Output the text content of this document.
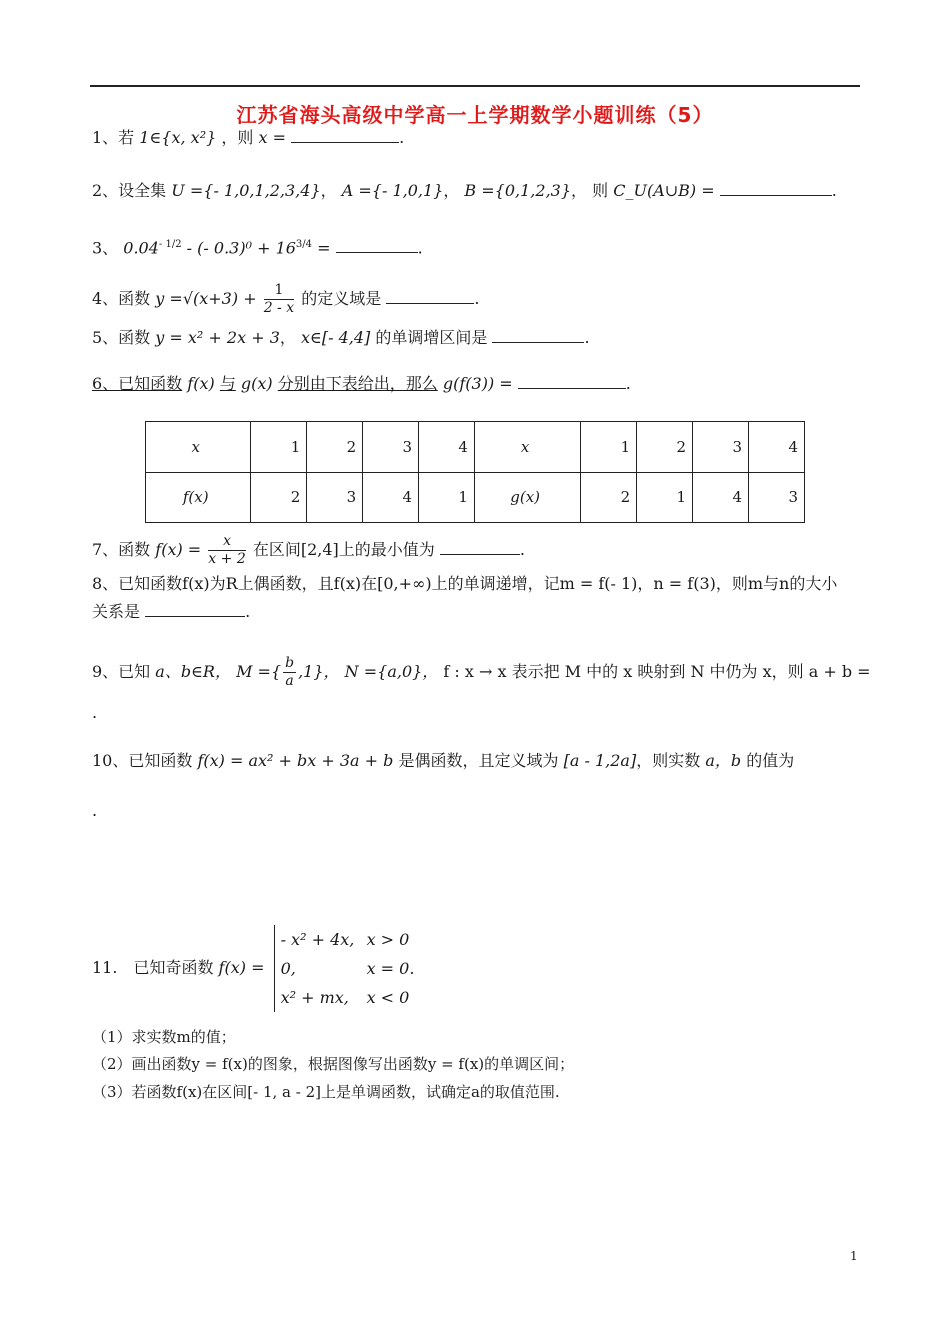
江苏省海头高级中学高一上学期数学小题训练（5）
1、若 1∈{x, x²} ，则 x =	.
2、设全集 U ={- 1,0,1,2,3,4}， A ={- 1,0,1}， B ={0,1,2,3}， 则 C_U(A∪B) =	.
3、 $0.04^{- 1/2}$ - (- $0.3)^0 + 16^{3/4}$ =	.
4、函数 $y =√(x+3) + \frac{1}{2 - x}$ 的定义域是	.
5、函数 y = x² + 2x + 3， x∈[- 4,4] 的单调增区间是	.
6、已知函数 f(x) 与 g(x) 分别由下表给出，那么 g(f(3)) =	.
x	1	2	3	4	x	1	2	3	4
f(x)	2	3	4	1	g(x)	2	1	4	3
7、函数 $f(x) = \frac{x}{x + 2}$ 在区间[2,4]上的最小值为	.
8、已知函数f(x)为R上偶函数，且f(x)在[0,+∞)上的单调递增，记m = f(- 1)，n = f(3)，则m与n的大小
关系是	.
9、已知 a、b∈R， M ={ $\frac{b}{a} ,1$}， N ={a,0}， f : x → x 表示把 M 中的 x 映射到 N 中仍为 x，则 a + b =
.
10、已知函数 f(x) = ax² + bx + 3a + b 是偶函数，且定义域为 [a - 1,2a]，则实数 a，b 的值为
.
11.　已知奇函数 f(x) =
- x² + 4x, x > 0
0,	x = 0.
x² + mx, x < 0
（1）求实数m的值；
（2）画出函数y = f(x)的图象，根据图像写出函数y = f(x)的单调区间；
（3）若函数f(x)在区间[- 1, a - 2]上是单调函数，试确定a的取值范围.
1
